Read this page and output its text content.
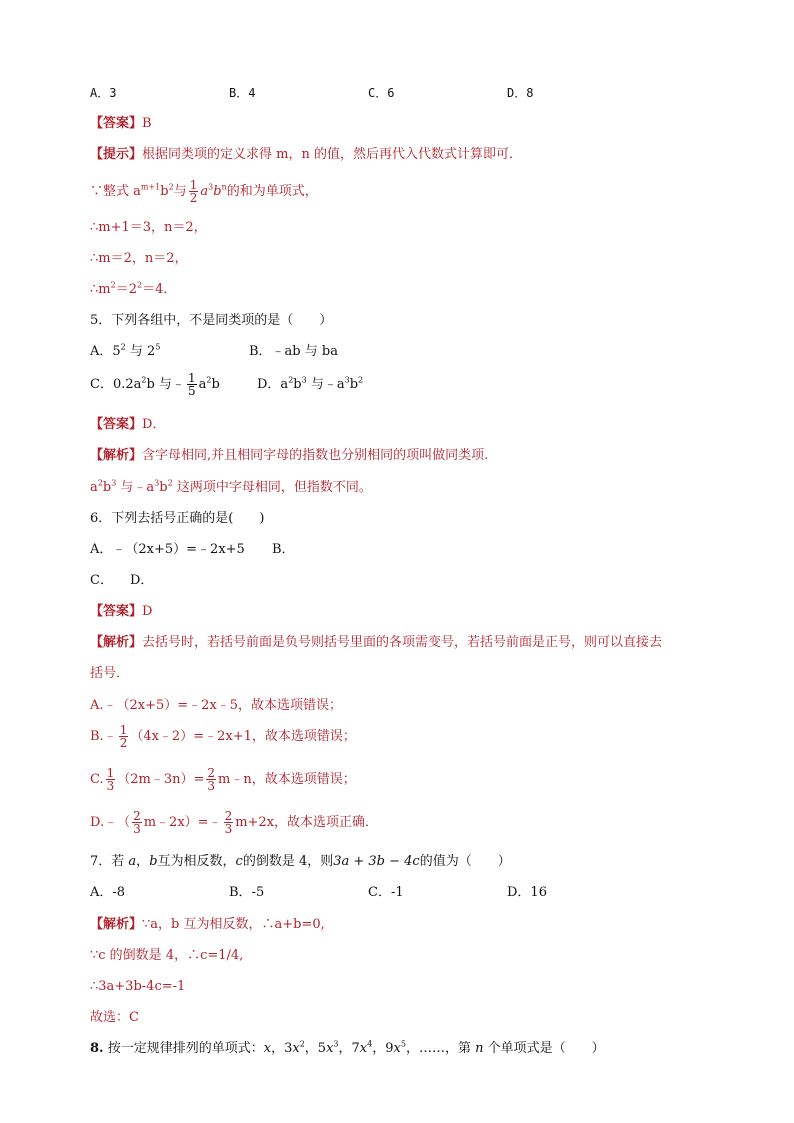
A．3	B．4	C．6	D．8
【答案】B
【提示】根据同类项的定义求得 m，n 的值，然后再代入代数式计算即可．
∵整式 $a^{m+1}b^2$与 $\frac{1}{2} a^3b^n$的和为单项式，
∴m+1＝3，n＝2，
∴m＝2，n＝2，
$\therefore m^2=2^2=4$．
5．下列各组中，不是同类项的是（　　）
A．$5^2$ 与 $2^5$	B．﹣ab 与 ba
C．$0.2a^2b$ 与﹣ $\frac{1}{5} a^2b$	D．$a^2b^3$ 与$﹣a^3b^2$
【答案】D．
【解析】含字母相同,并且相同字母的指数也分别相同的项叫做同类项.
$a^2b^3$ 与$﹣a^3b^2$ 这两项中字母相同，但指数不同。
6．下列去括号正确的是(　　)
A．﹣（2x+5）=﹣2x+5 B．
C． D．
【答案】D
【解析】去括号时，若括号前面是负号则括号里面的各项需变号，若括号前面是正号，则可以直接去
括号．
A.﹣（2x+5）=﹣2x﹣5，故本选项错误；
B.﹣ $\frac{1}{2}$ （4x﹣2）=﹣2x+1，故本选项错误；
C. $\frac{1}{3}$ （2m﹣3n）= $\frac{2}{3}$ m﹣n，故本选项错误；
D.﹣（ $\frac{2}{3}$ m﹣2x）=﹣ $\frac{2}{3} m+2x$，故本选项正确．
7．若 a，b互为相反数，c的倒数是 4，则3a + 3b − 4c的值为（　　）
A．-8	B．-5	C．-1	D．16
【解析】∵a，b 互为相反数，∴a+b=0,
∵c 的倒数是 4，∴c=1/4,
∴3a+3b-4c=-1
故选：C
8. 按一定规律排列的单项式：x，$3x^2$，$5x^3$，$7x^4$，$9x^5$，……，第 n 个单项式是（　　）
